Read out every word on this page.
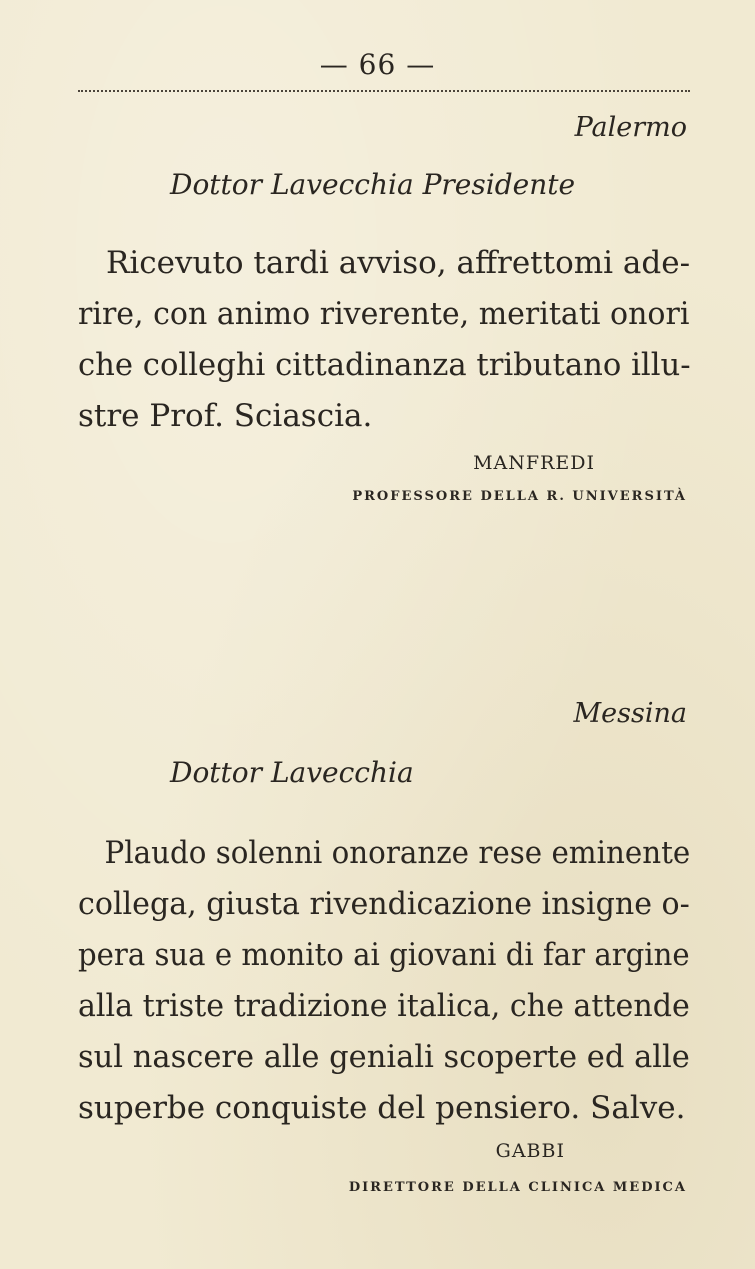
— 66 —
Palermo
Dottor Lavecchia Presidente
Ricevuto tardi avviso, affrettomi ade-
rire, con animo riverente, meritati onori
che colleghi cittadinanza tributano illu-
stre Prof. Sciascia.
MANFREDI
PROFESSORE DELLA R. UNIVERSITÀ
Messina
Dottor Lavecchia
Plaudo solenni onoranze rese eminente
collega, giusta rivendicazione insigne o-
pera sua e monito ai giovani di far argine
alla triste tradizione italica, che attende
sul nascere alle geniali scoperte ed alle
superbe conquiste del pensiero. Salve.
GABBI
DIRETTORE DELLA CLINICA MEDICA
